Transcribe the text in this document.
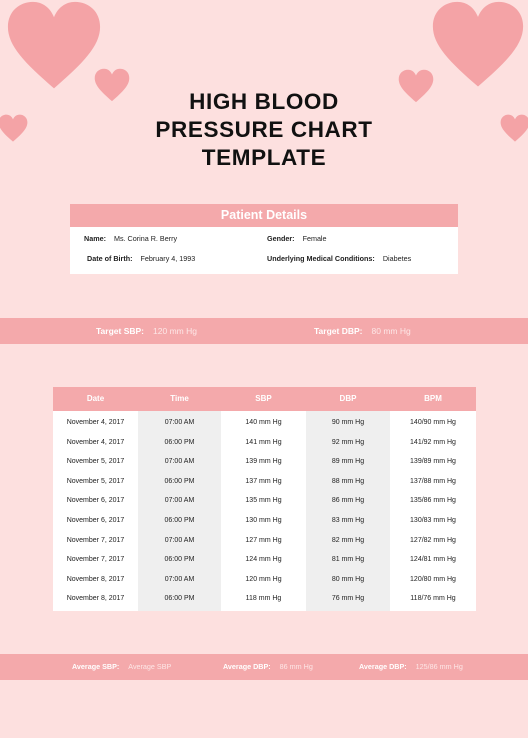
HIGH BLOOD
PRESSURE CHART
TEMPLATE
Patient Details
Name: Ms. Corina R. Berry	Gender: Female
Date of Birth: February 4, 1993	Underlying Medical Conditions: Diabetes
Target SBP: 120 mm Hg	Target DBP: 80 mm Hg
Date	Time	SBP	DBP	BPM
November 4, 2017	07:00 AM	140 mm Hg	90 mm Hg	140/90 mm Hg
November 4, 2017	06:00 PM	141 mm Hg	92 mm Hg	141/92 mm Hg
November 5, 2017	07:00 AM	139 mm Hg	89 mm Hg	139/89 mm Hg
November 5, 2017	06:00 PM	137 mm Hg	88 mm Hg	137/88 mm Hg
November 6, 2017	07:00 AM	135 mm Hg	86 mm Hg	135/86 mm Hg
November 6, 2017	06:00 PM	130 mm Hg	83 mm Hg	130/83 mm Hg
November 7, 2017	07:00 AM	127 mm Hg	82 mm Hg	127/82 mm Hg
November 7, 2017	06:00 PM	124 mm Hg	81 mm Hg	124/81 mm Hg
November 8, 2017	07:00 AM	120 mm Hg	80 mm Hg	120/80 mm Hg
November 8, 2017	06:00 PM	118 mm Hg	76 mm Hg	118/76 mm Hg
Average SBP: Average SBP	Average DBP: 86 mm Hg	Average DBP: 125/86 mm Hg
